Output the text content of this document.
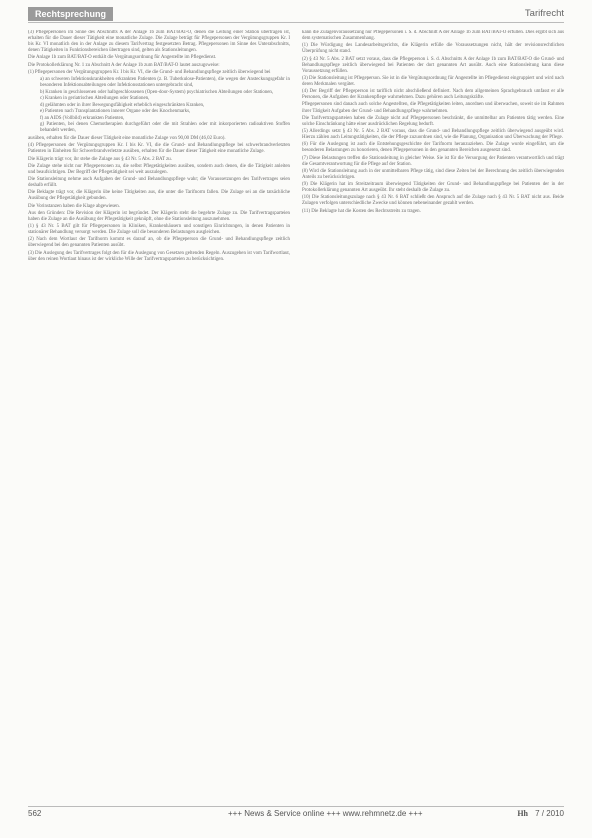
Rechtsprechung	Tarifrecht

(3) Pflegepersonen im Sinne des Abschnitts A der Anlage 1b zum BAT/BAT-O, denen die Leitung einer Station übertragen ist, erhalten für die Dauer dieser Tätigkeit eine monatliche Zulage. Die Zulage beträgt für Pflegepersonen der Vergütungsgruppen Kr. I bis Kr. VI monatlich den in der Anlage zu diesem Tarifvertrag festgesetzten Betrag. Pflegepersonen im Sinne des Unterabschnitts, denen Tätigkeiten in Funktionsbereichen übertragen sind, gelten als Stationsleitungen.

Die Anlage 1b zum BAT/BAT-O enthält die Vergütungsordnung für Angestellte im Pflegedienst.

Die Protokollerklärung Nr. 1 zu Abschnitt A der Anlage 1b zum BAT/BAT-O lautet auszugsweise:

(1) Pflegepersonen der Vergütungsgruppen Kr. I bis Kr. VI, die die Grund- und Behandlungspflege zeitlich überwiegend bei

a) an schweren Infektionskrankheiten erkrankten Patienten (z. B. Tuberkulose-Patienten), die wegen der Ansteckungsgefahr in besonderen Infektionsabteilungen oder Infektionsstationen untergebracht sind,
b) Kranken in geschlossenen oder halbgeschlossenen (Open-door-System) psychiatrischen Abteilungen oder Stationen,
c) Kranken in geriatrischen Abteilungen oder Stationen,
d) gelähmten oder in ihrer Bewegungsfähigkeit erheblich eingeschränkten Kranken,
e) Patienten nach Transplantationen innerer Organe oder des Knochenmarks,
f) an AIDS (Vollbild) erkrankten Patienten,
g) Patienten, bei denen Chemotherapien durchgeführt oder die mit Strahlen oder mit inkorporierten radioaktiven Stoffen behandelt werden,

ausüben, erhalten für die Dauer dieser Tätigkeit eine monatliche Zulage von 90,00 DM (46,02 Euro).

(4) Pflegepersonen der Vergütungsgruppen Kr. I bis Kr. VI, die die Grund- und Behandlungspflege bei schwerbrandverletzten Patienten in Einheiten für Schwerbrandverletzte ausüben, erhalten für die Dauer dieser Tätigkeit eine monatliche Zulage.

Die Klägerin trägt vor, ihr stehe die Zulage aus § 43 Nr. 5 Abs. 2 BAT zu.

Die Zulage stehe nicht nur Pflegepersonen zu, die selbst Pflegetätigkeiten ausüben, sondern auch denen, die die Tätigkeit anleiten und beaufsichtigen. Der Begriff der Pflegetätigkeit sei weit auszulegen.

Die Stationsleitung nehme auch Aufgaben der Grund- und Behandlungspflege wahr; die Voraussetzungen des Tarifvertrages seien deshalb erfüllt.

Die Beklagte trägt vor, die Klägerin übe keine Tätigkeiten aus, die unter die Tarifnorm fallen. Die Zulage sei an die tatsächliche Ausübung der Pflegetätigkeit gebunden.

Die Vorinstanzen haben die Klage abgewiesen.

Aus den Gründen: Die Revision der Klägerin ist begründet. Der Klägerin steht die begehrte Zulage zu. Die Tarifvertragsparteien haben die Zulage an die Ausübung der Pflegetätigkeit geknüpft, ohne die Stationsleitung auszunehmen.

(1) § 43 Nr. 5 BAT gilt für Pflegepersonen in Kliniken, Krankenhäusern und sonstigen Einrichtungen, in denen Patienten in stationärer Behandlung versorgt werden. Die Zulage soll die besonderen Belastungen ausgleichen.

(2) Nach dem Wortlaut der Tarifnorm kommt es darauf an, ob die Pflegeperson die Grund- und Behandlungspflege zeitlich überwiegend bei den genannten Patienten ausübt.

(3) Die Auslegung des Tarifvertrages folgt den für die Auslegung von Gesetzen geltenden Regeln. Auszugehen ist vom Tarifwortlaut, über den reinen Wortlaut hinaus ist der wirkliche Wille der Tarifvertragsparteien zu berücksichtigen.

kann die Zulagenvoraussetzung nur Pflegepersonen i. S. d. Abschnitt A der Anlage 1b zum BAT/BAT-O erfüllen. Dies ergibt sich aus dem systematischen Zusammenhang.

(1) Die Würdigung des Landesarbeitsgerichts, die Klägerin erfülle die Voraussetzungen nicht, hält der revisionsrechtlichen Überprüfung nicht stand.

(2) § 43 Nr. 5 Abs. 2 BAT setzt voraus, dass die Pflegeperson i. S. d. Abschnitts A der Anlage 1b zum BAT/BAT-O die Grund- und Behandlungspflege zeitlich überwiegend bei Patienten der dort genannten Art ausübt. Auch eine Stationsleitung kann diese Voraussetzung erfüllen.

(3) Die Stationsleitung ist Pflegeperson. Sie ist in die Vergütungsordnung für Angestellte im Pflegedienst eingruppiert und wird nach deren Merkmalen vergütet.

(4) Der Begriff der Pflegeperson ist tariflich nicht abschließend definiert. Nach dem allgemeinen Sprachgebrauch umfasst er alle Personen, die Aufgaben der Krankenpflege wahrnehmen. Dazu gehören auch Leitungskräfte.

Pflegepersonen sind danach auch solche Angestellten, die Pflegetätigkeiten leiten, anordnen und überwachen, soweit sie im Rahmen ihrer Tätigkeit Aufgaben der Grund- und Behandlungspflege wahrnehmen.

Die Tarifvertragsparteien haben die Zulage nicht auf Pflegepersonen beschränkt, die unmittelbar am Patienten tätig werden. Eine solche Einschränkung hätte einer ausdrücklichen Regelung bedurft.

(5) Allerdings setzt § 43 Nr. 5 Abs. 2 BAT voraus, dass die Grund- und Behandlungspflege zeitlich überwiegend ausgeübt wird. Hierzu zählen auch Leitungstätigkeiten, die der Pflege zuzuordnen sind, wie die Planung, Organisation und Überwachung der Pflege.

(6) Für die Auslegung ist auch die Entstehungsgeschichte der Tarifnorm heranzuziehen. Die Zulage wurde eingeführt, um die besonderen Belastungen zu honorieren, denen Pflegepersonen in den genannten Bereichen ausgesetzt sind.

(7) Diese Belastungen treffen die Stationsleitung in gleicher Weise. Sie ist für die Versorgung der Patienten verantwortlich und trägt die Gesamtverantwortung für die Pflege auf der Station.

(8) Wird die Stationsleitung auch in der unmittelbaren Pflege tätig, sind diese Zeiten bei der Berechnung des zeitlich überwiegenden Anteils zu berücksichtigen.

(9) Die Klägerin hat im Streitzeitraum überwiegend Tätigkeiten der Grund- und Behandlungspflege bei Patienten der in der Protokollerklärung genannten Art ausgeübt. Ihr steht deshalb die Zulage zu.

(10) Die Stationsleitungszulage nach § 43 Nr. 6 BAT schließt den Anspruch auf die Zulage nach § 43 Nr. 5 BAT nicht aus. Beide Zulagen verfolgen unterschiedliche Zwecke und können nebeneinander gezahlt werden.

(11) Die Beklagte hat die Kosten des Rechtsstreits zu tragen.

562	+++ News & Service online +++ www.rehmnetz.de +++	Hh 7 / 2010
